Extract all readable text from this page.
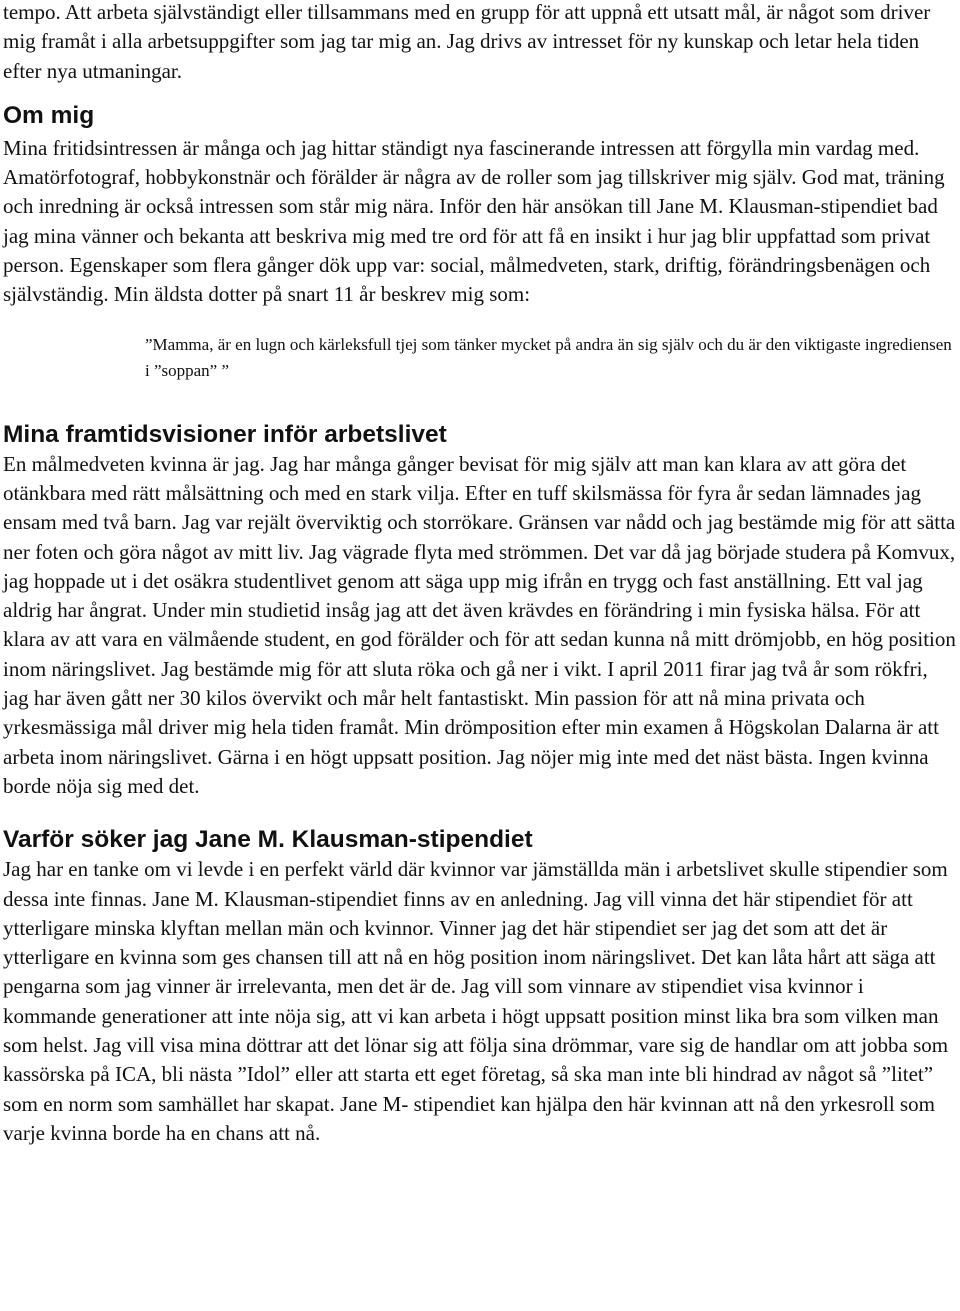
tempo. Att arbeta självständigt eller tillsammans med en grupp för att uppnå ett utsatt mål, är något som driver mig framåt i alla arbetsuppgifter som jag tar mig an. Jag drivs av intresset för ny kunskap och letar hela tiden efter nya utmaningar.

Om mig

Mina fritidsintressen är många och jag hittar ständigt nya fascinerande intressen att förgylla min vardag med. Amatörfotograf, hobbykonstnär och förälder är några av de roller som jag tillskriver mig själv. God mat, träning och inredning är också intressen som står mig nära. Inför den här ansökan till Jane M. Klausman-stipendiet bad jag mina vänner och bekanta att beskriva mig med tre ord för att få en insikt i hur jag blir uppfattad som privat person. Egenskaper som flera gånger dök upp var: social, målmedveten, stark, driftig, förändringsbenägen och självständig. Min äldsta dotter på snart 11 år beskrev mig som:

”Mamma, är en lugn och kärleksfull tjej som tänker mycket på andra än sig själv och du är den viktigaste ingrediensen i ”soppan” ”

Mina framtidsvisioner inför arbetslivet

En målmedveten kvinna är jag. Jag har många gånger bevisat för mig själv att man kan klara av att göra det otänkbara med rätt målsättning och med en stark vilja. Efter en tuff skilsmässa för fyra år sedan lämnades jag ensam med två barn. Jag var rejält överviktig och storrökare. Gränsen var nådd och jag bestämde mig för att sätta ner foten och göra något av mitt liv. Jag vägrade flyta med strömmen. Det var då jag började studera på Komvux, jag hoppade ut i det osäkra studentlivet genom att säga upp mig ifrån en trygg och fast anställning. Ett val jag aldrig har ångrat. Under min studietid insåg jag att det även krävdes en förändring i min fysiska hälsa. För att klara av att vara en välmående student, en god förälder och för att sedan kunna nå mitt drömjobb, en hög position inom näringslivet. Jag bestämde mig för att sluta röka och gå ner i vikt. I april 2011 firar jag två år som rökfri, jag har även gått ner 30 kilos övervikt och mår helt fantastiskt. Min passion för att nå mina privata och yrkesmässiga mål driver mig hela tiden framåt. Min drömposition efter min examen å Högskolan Dalarna är att arbeta inom näringslivet. Gärna i en högt uppsatt position. Jag nöjer mig inte med det näst bästa. Ingen kvinna borde nöja sig med det.

Varför söker jag Jane M. Klausman-stipendiet

Jag har en tanke om vi levde i en perfekt värld där kvinnor var jämställda män i arbetslivet skulle stipendier som dessa inte finnas. Jane M. Klausman-stipendiet finns av en anledning. Jag vill vinna det här stipendiet för att ytterligare minska klyftan mellan män och kvinnor. Vinner jag det här stipendiet ser jag det som att det är ytterligare en kvinna som ges chansen till att nå en hög position inom näringslivet. Det kan låta hårt att säga att pengarna som jag vinner är irrelevanta, men det är de. Jag vill som vinnare av stipendiet visa kvinnor i kommande generationer att inte nöja sig, att vi kan arbeta i högt uppsatt position minst lika bra som vilken man som helst. Jag vill visa mina döttrar att det lönar sig att följa sina drömmar, vare sig de handlar om att jobba som kassörska på ICA, bli nästa ”Idol” eller att starta ett eget företag, så ska man inte bli hindrad av något så ”litet” som en norm som samhället har skapat. Jane M- stipendiet kan hjälpa den här kvinnan att nå den yrkesroll som varje kvinna borde ha en chans att nå.
